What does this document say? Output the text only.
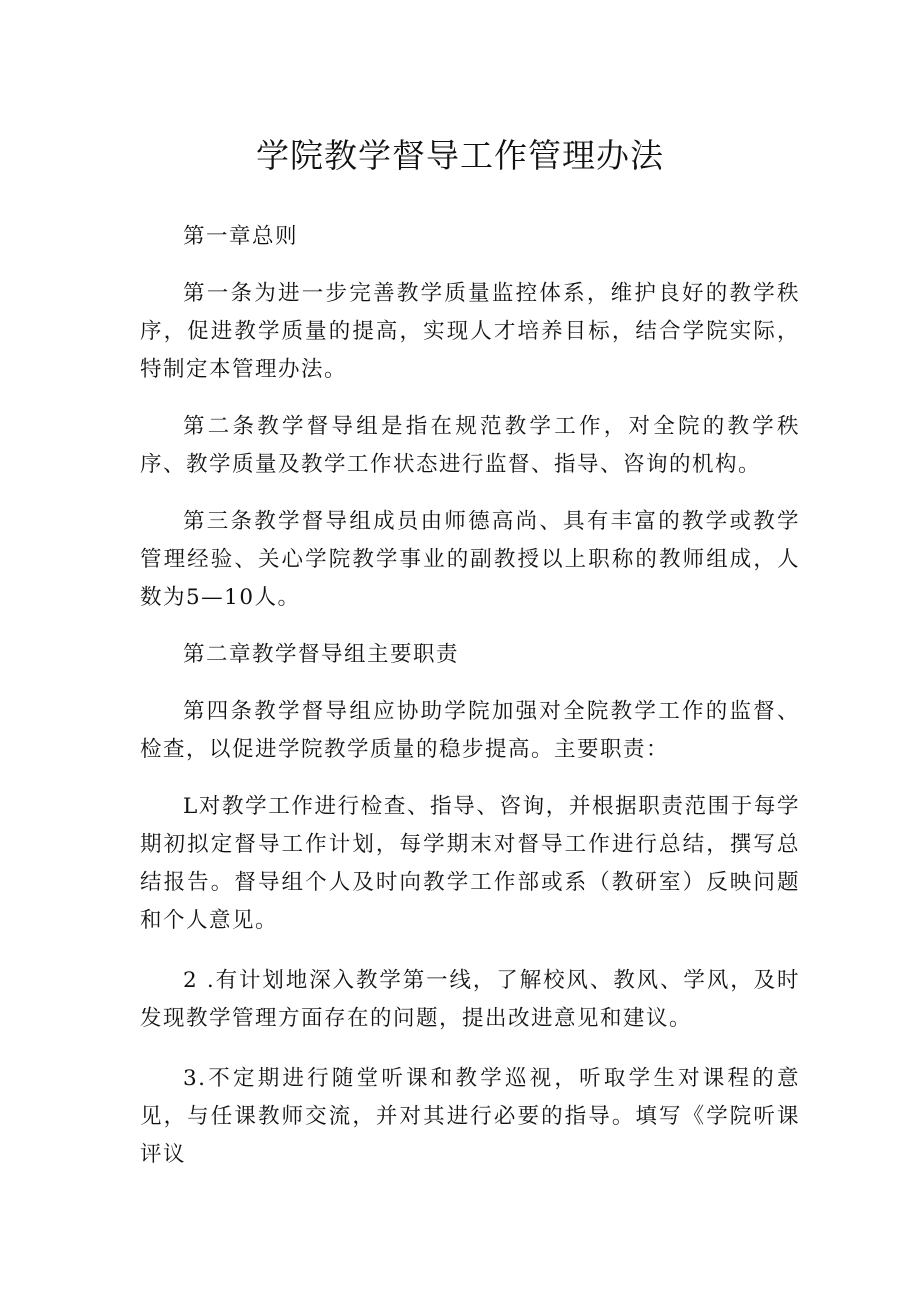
学院教学督导工作管理办法

第一章总则

第一条为进一步完善教学质量监控体系，维护良好的教学秩序，促进教学质量的提高，实现人才培养目标，结合学院实际，特制定本管理办法。

第二条教学督导组是指在规范教学工作，对全院的教学秩序、教学质量及教学工作状态进行监督、指导、咨询的机构。

第三条教学督导组成员由师德高尚、具有丰富的教学或教学管理经验、关心学院教学事业的副教授以上职称的教师组成，人数为5—10人。

第二章教学督导组主要职责

第四条教学督导组应协助学院加强对全院教学工作的监督、检查，以促进学院教学质量的稳步提高。主要职责：

L对教学工作进行检查、指导、咨询，并根据职责范围于每学期初拟定督导工作计划，每学期末对督导工作进行总结，撰写总结报告。督导组个人及时向教学工作部或系（教研室）反映问题和个人意见。

2 .有计划地深入教学第一线，了解校风、教风、学风，及时发现教学管理方面存在的问题，提出改进意见和建议。

3.不定期进行随堂听课和教学巡视，听取学生对课程的意见，与任课教师交流，并对其进行必要的指导。填写《学院听课评议
